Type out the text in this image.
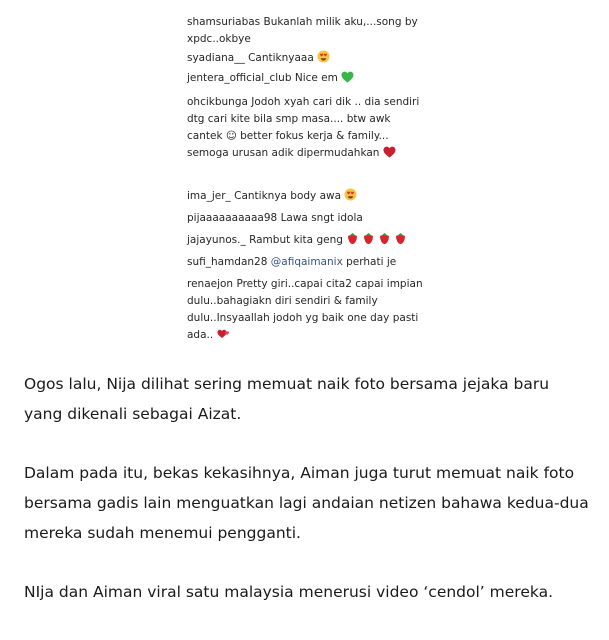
shamsuriabas Bukanlah milik aku,...song by xpdc..okbye
syadiana__ Cantiknyaaa
jentera_official_club Nice em
ohcikbunga Jodoh xyah cari dik .. dia sendiri dtg cari kite bila smp masa.... btw awk cantek ☺ better fokus kerja & family... semoga urusan adik dipermudahkan
ima_jer_ Cantiknya body awa
pijaaaaaaaaaa98 Lawa sngt idola
jajayunos._ Rambut kita geng
sufi_hamdan28 @afiqaimanix perhati je
renaejon Pretty giri..capai cita2 capai impian dulu..bahagiakn diri sendiri & family dulu..Insyaallah jodoh yg baik one day pasti ada..

Ogos lalu, Nija dilihat sering memuat naik foto bersama jejaka baru yang dikenali sebagai Aizat.

Dalam pada itu, bekas kekasihnya, Aiman juga turut memuat naik foto bersama gadis lain menguatkan lagi andaian netizen bahawa kedua-dua mereka sudah menemui pengganti.

NIja dan Aiman viral satu malaysia menerusi video ‘cendol’ mereka.
